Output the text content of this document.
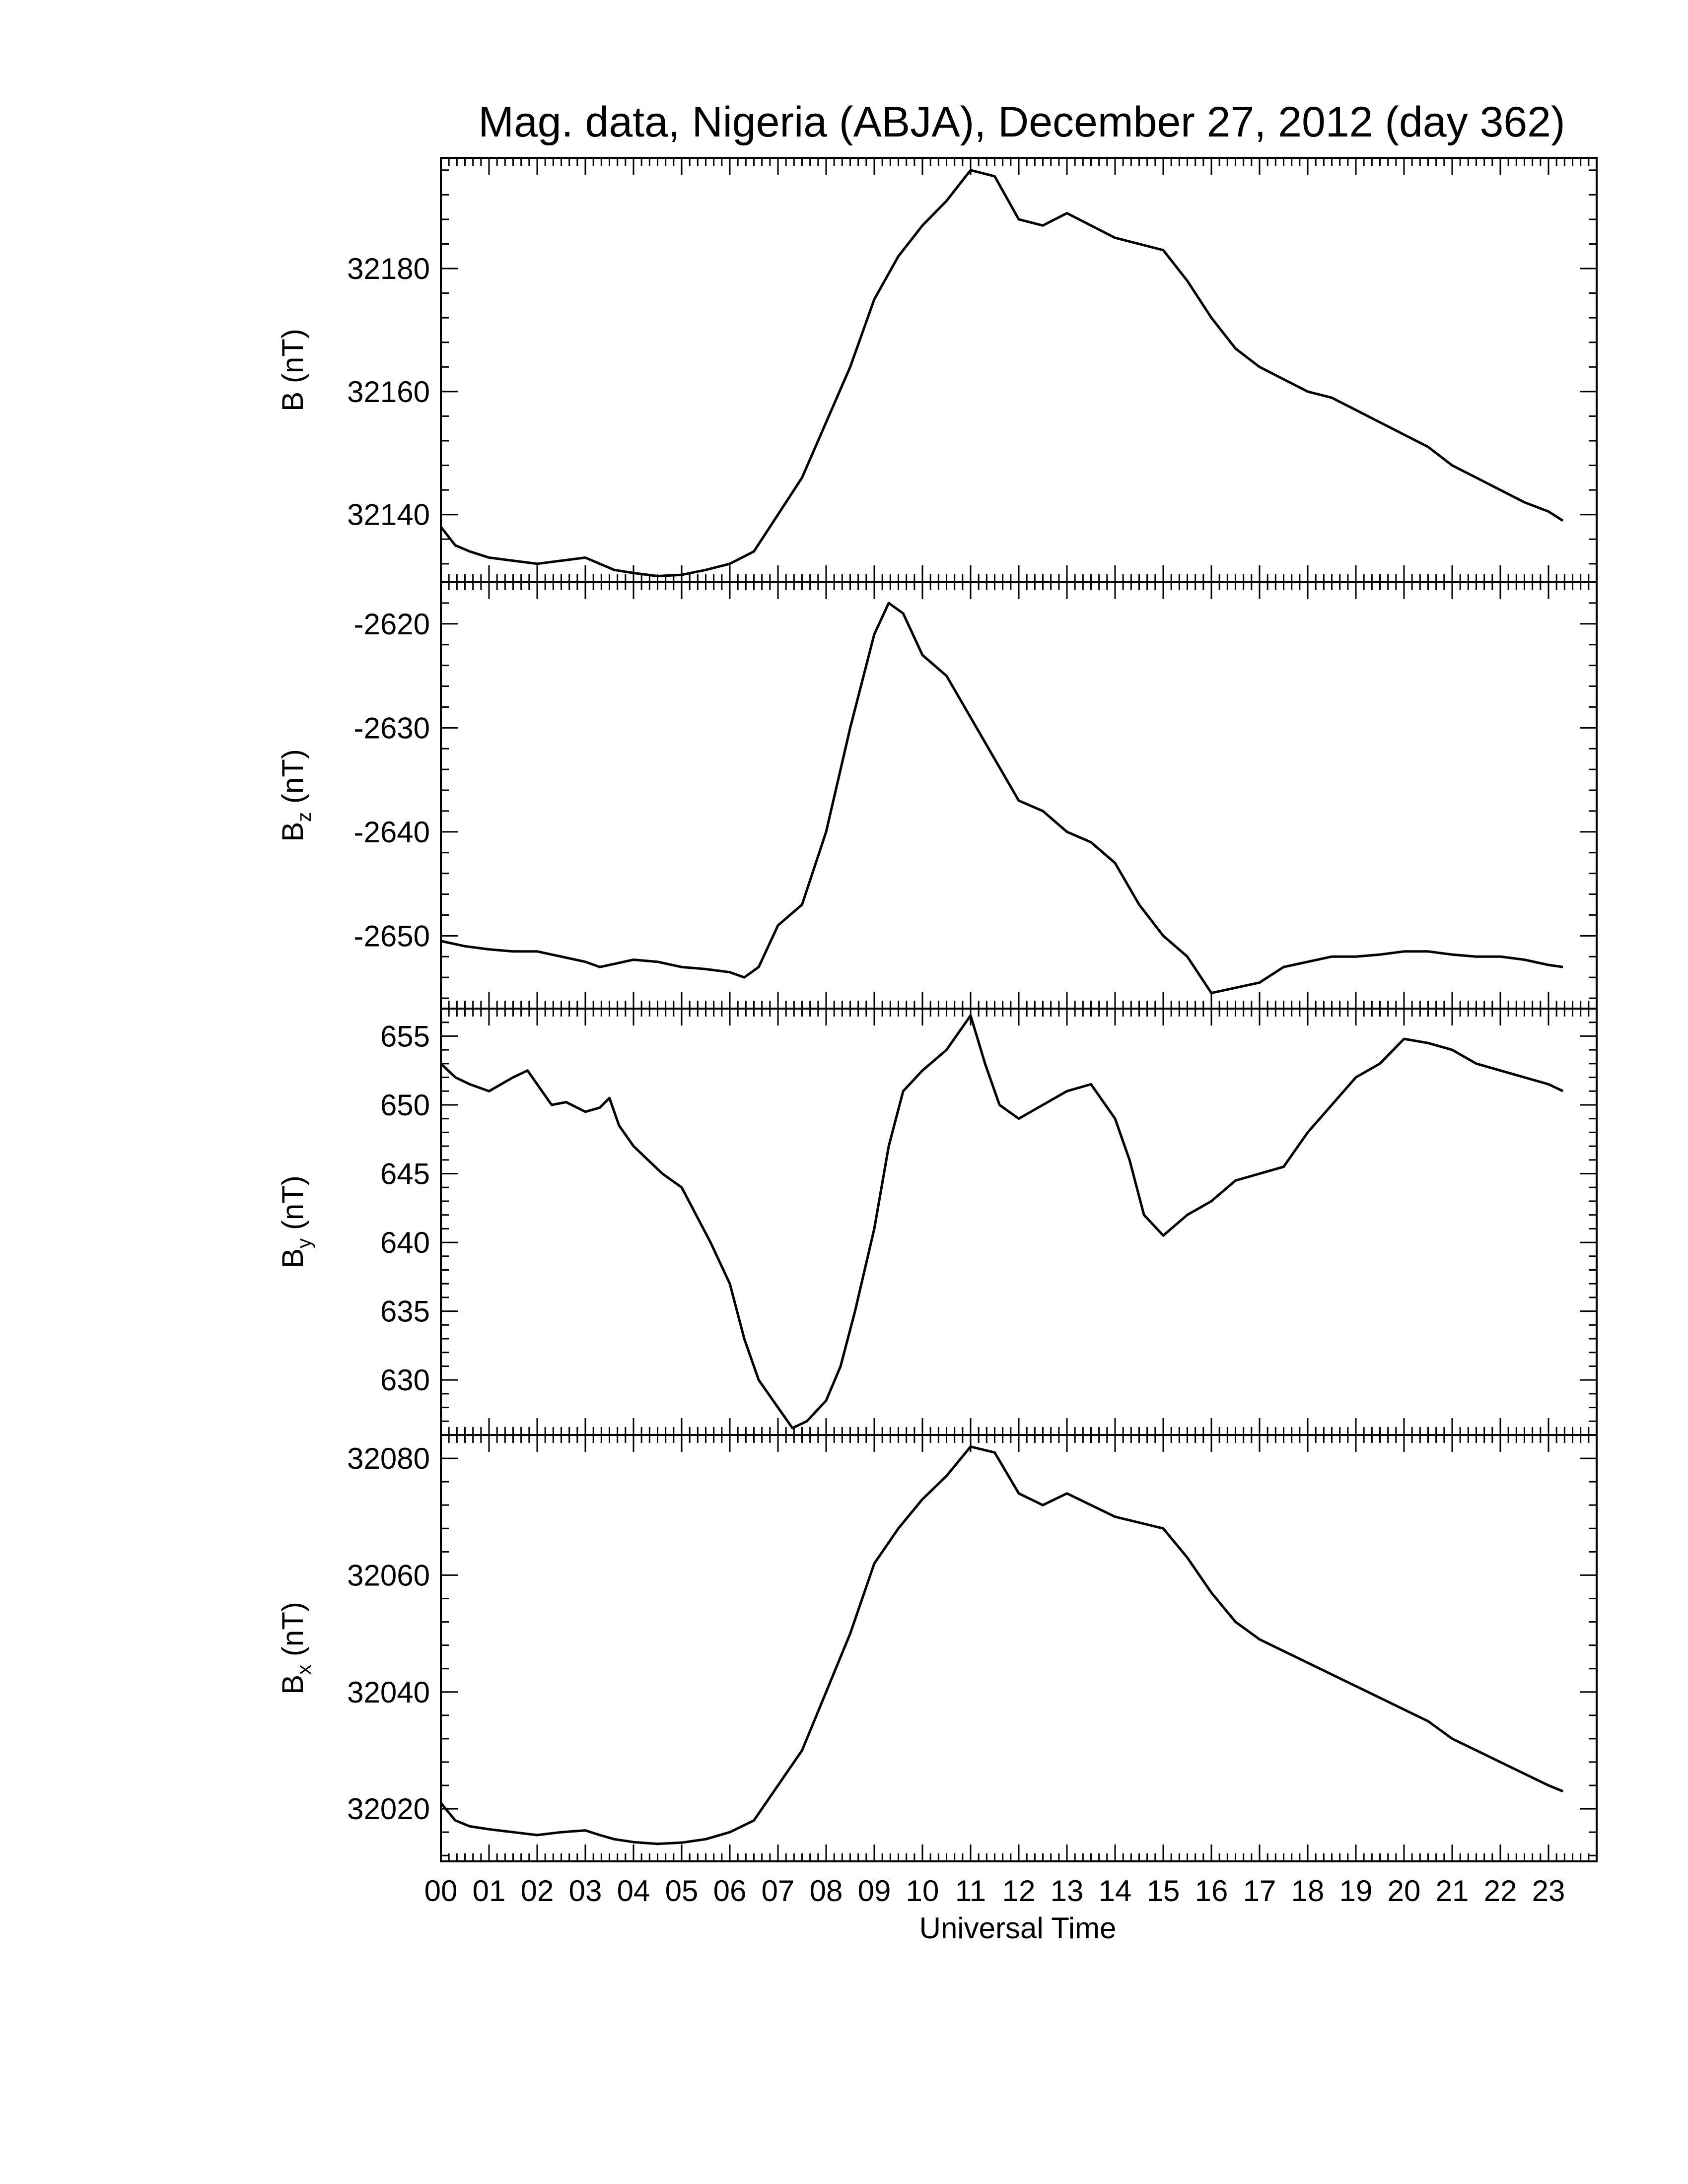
Mag. data, Nigeria (ABJA), December 27, 2012 (day 362)
32140
32160
32180
B (nT)
-2650
-2640
-2630
-2620
$B_z$ (nT)
630
635
640
645
650
655
$B_y$ (nT)
32020
32040
32060
32080
$B_x$ (nT)
00 01 02 03 04 05 06 07 08 09 10 11 12 13 14 15 16 17 18 19 20 21 22 23
Universal Time
